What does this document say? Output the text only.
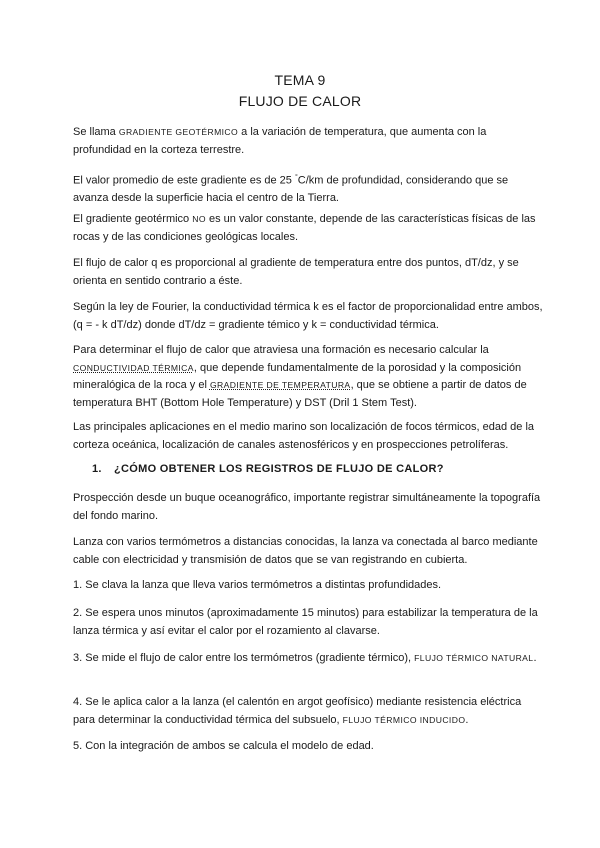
TEMA 9
FLUJO DE CALOR

Se llama GRADIENTE GEOTÉRMICO a la variación de temperatura, que aumenta con la profundidad en la corteza terrestre.

El valor promedio de este gradiente es de 25 °C/km de profundidad, considerando que se avanza desde la superficie hacia el centro de la Tierra.

El gradiente geotérmico NO es un valor constante, depende de las características físicas de las rocas y de las condiciones geológicas locales.

El flujo de calor q es proporcional al gradiente de temperatura entre dos puntos, dT/dz, y se orienta en sentido contrario a éste.

Según la ley de Fourier, la conductividad térmica k es el factor de proporcionalidad entre ambos, (q = - k dT/dz) donde dT/dz = gradiente témico y k = conductividad térmica.

Para determinar el flujo de calor que atraviesa una formación es necesario calcular la CONDUCTIVIDAD TÉRMICA, que depende fundamentalmente de la porosidad y la composición mineralógica de la roca y el GRADIENTE DE TEMPERATURA, que se obtiene a partir de datos de temperatura BHT (Bottom Hole Temperature) y DST (Dril 1 Stem Test).

Las principales aplicaciones en el medio marino son localización de focos térmicos, edad de la corteza oceánica, localización de canales astenosféricos y en prospecciones petrolíferas.

1. ¿CÓMO OBTENER LOS REGISTROS DE FLUJO DE CALOR?

Prospección desde un buque oceanográfico, importante registrar simultáneamente la topografía del fondo marino.

Lanza con varios termómetros a distancias conocidas, la lanza va conectada al barco mediante cable con electricidad y transmisión de datos que se van registrando en cubierta.

1. Se clava la lanza que lleva varios termómetros a distintas profundidades.

2. Se espera unos minutos (aproximadamente 15 minutos) para estabilizar la temperatura de la lanza térmica y así evitar el calor por el rozamiento al clavarse.

3. Se mide el flujo de calor entre los termómetros (gradiente térmico), FLUJO TÉRMICO NATURAL.

4. Se le aplica calor a la lanza (el calentón en argot geofísico) mediante resistencia eléctrica para determinar la conductividad térmica del subsuelo, FLUJO TÉRMICO INDUCIDO.

5. Con la integración de ambos se calcula el modelo de edad.
